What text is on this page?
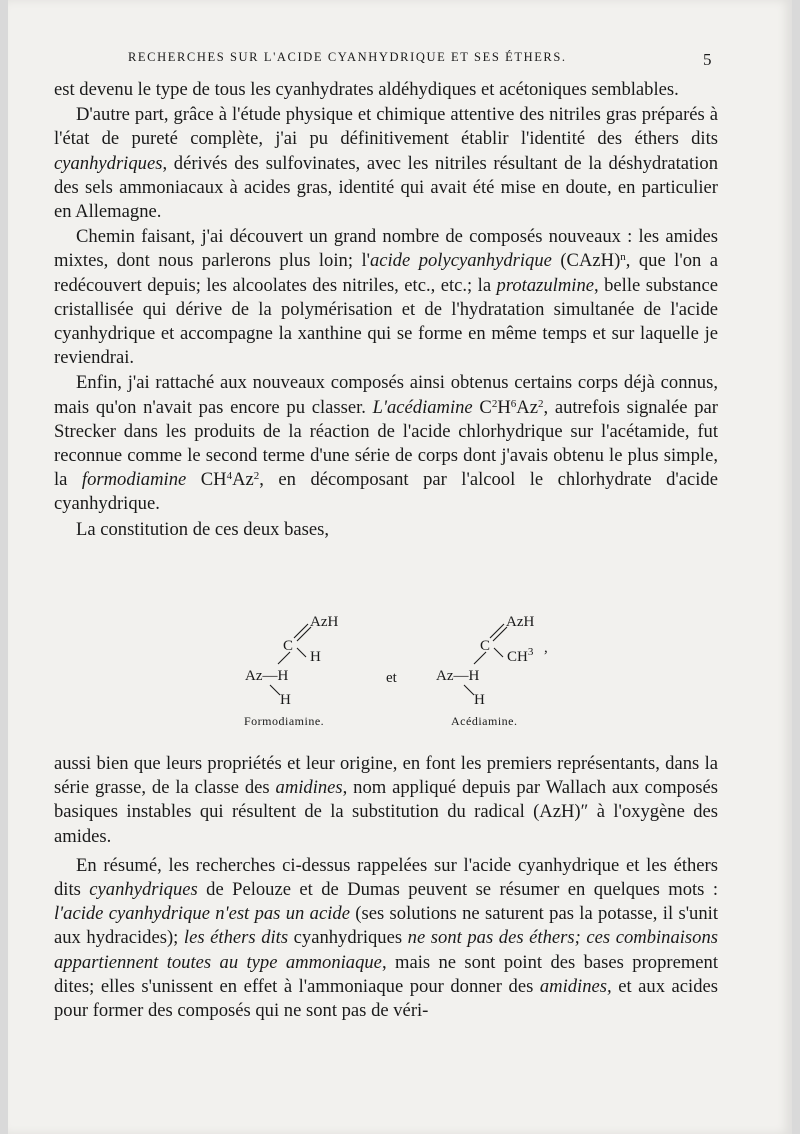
RECHERCHES SUR L'ACIDE CYANHYDRIQUE ET SES ÉTHERS.	5

est devenu le type de tous les cyanhydrates aldéhydiques et acétoniques semblables.

D'autre part, grâce à l'étude physique et chimique attentive des nitriles gras préparés à l'état de pureté complète, j'ai pu définitivement établir l'identité des éthers dits cyanhydriques, dérivés des sulfovinates, avec les nitriles résultant de la déshydratation des sels ammoniacaux à acides gras, identité qui avait été mise en doute, en particulier en Allemagne.

Chemin faisant, j'ai découvert un grand nombre de composés nouveaux : les amides mixtes, dont nous parlerons plus loin; l'acide polycyanhydrique (CAzH)$^n$, que l'on a redécouvert depuis; les alcoolates des nitriles, etc., etc.; la protazulmine, belle substance cristallisée qui dérive de la polymérisation et de l'hydratation simultanée de l'acide cyanhydrique et accompagne la xanthine qui se forme en même temps et sur laquelle je reviendrai.

Enfin, j'ai rattaché aux nouveaux composés ainsi obtenus certains corps déjà connus, mais qu'on n'avait pas encore pu classer. L'acédiamine $C^2H^6Az^2$, autrefois signalée par Strecker dans les produits de la réaction de l'acide chlorhydrique sur l'acétamide, fut reconnue comme le second terme d'une série de corps dont j'avais obtenu le plus simple, la formodiamine $CH^4Az^2$, en décomposant par l'alcool le chlorhydrate d'acide cyanhydrique.

La constitution de ces deux bases,

AzH
C
H
Az—H
H
Formodiamine.
et
AzH
C
$CH^3$ ,
Az—H
H
Acédiamine.

aussi bien que leurs propriétés et leur origine, en font les premiers représentants, dans la série grasse, de la classe des amidines, nom appliqué depuis par Wallach aux composés basiques instables qui résultent de la substitution du radical (AzH)″ à l'oxygène des amides.

En résumé, les recherches ci-dessus rappelées sur l'acide cyanhydrique et les éthers dits cyanhydriques de Pelouze et de Dumas peuvent se résumer en quelques mots : l'acide cyanhydrique n'est pas un acide (ses solutions ne saturent pas la potasse, il s'unit aux hydracides); les éthers dits cyanhydriques ne sont pas des éthers; ces combinaisons appartiennent toutes au type ammoniaque, mais ne sont point des bases proprement dites; elles s'unissent en effet à l'ammoniaque pour donner des amidines, et aux acides pour former des composés qui ne sont pas de véri-
